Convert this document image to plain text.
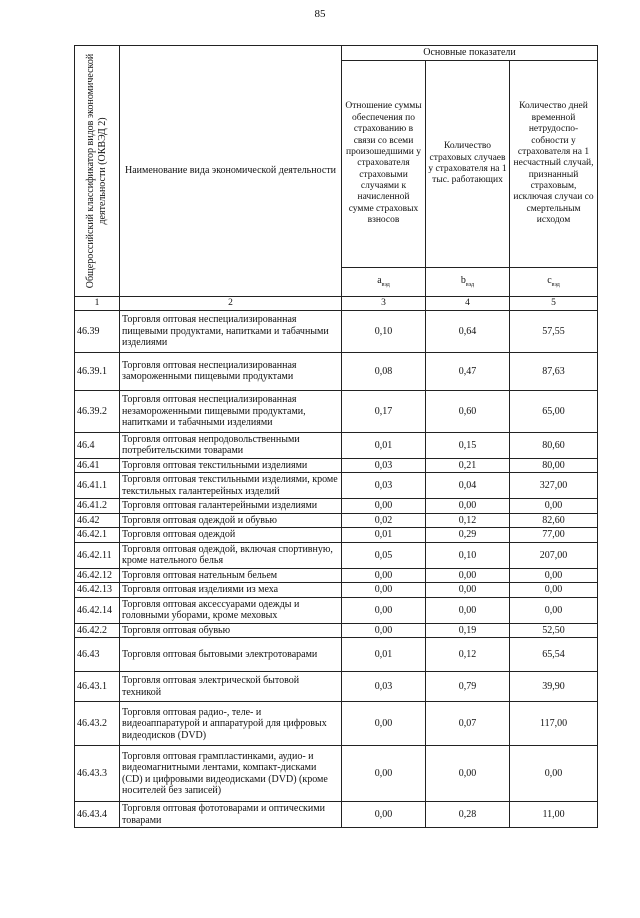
85
Общероссийский классификатор видов экономической деятельности (ОКВЭД 2)	Наименование вида экономической деятельности	Основные показатели		
		Отношение суммы обеспечения по страхованию в связи со всеми произошедшими у страхователя страховыми случаями к начисленной сумме страховых взносов	Количество страховых случаев у страхователя на 1 тыс. работающих	Количество дней временной нетрудоспо-собности у страхователя на 1 несчастный случай, признанный страховым, исключая случаи со смертельным исходом
		$a_{вэд}$	$b_{вэд}$	$c_{вэд}$
1	2	3	4	5
46.39	Торговля оптовая неспециализированная пищевыми продуктами, напитками и табачными изделиями	0,10	0,64	57,55
46.39.1	Торговля оптовая неспециализированная замороженными пищевыми продуктами	0,08	0,47	87,63
46.39.2	Торговля оптовая неспециализированная незамороженными пищевыми продуктами, напитками и табачными изделиями	0,17	0,60	65,00
46.4	Торговля оптовая непродовольственными потребительскими товарами	0,01	0,15	80,60
46.41	Торговля оптовая текстильными изделиями	0,03	0,21	80,00
46.41.1	Торговля оптовая текстильными изделиями, кроме текстильных галантерейных изделий	0,03	0,04	327,00
46.41.2	Торговля оптовая галантерейными изделиями	0,00	0,00	0,00
46.42	Торговля оптовая одеждой и обувью	0,02	0,12	82,60
46.42.1	Торговля оптовая одеждой	0,01	0,29	77,00
46.42.11	Торговля оптовая одеждой, включая спортивную, кроме нательного белья	0,05	0,10	207,00
46.42.12	Торговля оптовая нательным бельем	0,00	0,00	0,00
46.42.13	Торговля оптовая изделиями из меха	0,00	0,00	0,00
46.42.14	Торговля оптовая аксессуарами одежды и головными уборами, кроме меховых	0,00	0,00	0,00
46.42.2	Торговля оптовая обувью	0,00	0,19	52,50
46.43	Торговля оптовая бытовыми электротоварами	0,01	0,12	65,54
46.43.1	Торговля оптовая электрической бытовой техникой	0,03	0,79	39,90
46.43.2	Торговля оптовая радио-, теле- и видеоаппаратурой и аппаратурой для цифровых видеодисков (DVD)	0,00	0,07	117,00
46.43.3	Торговля оптовая грампластинками, аудио- и видеомагнитными лентами, компакт-дисками (CD) и цифровыми видеодисками (DVD) (кроме носителей без записей)	0,00	0,00	0,00
46.43.4	Торговля оптовая фототоварами и оптическими товарами	0,00	0,28	11,00
